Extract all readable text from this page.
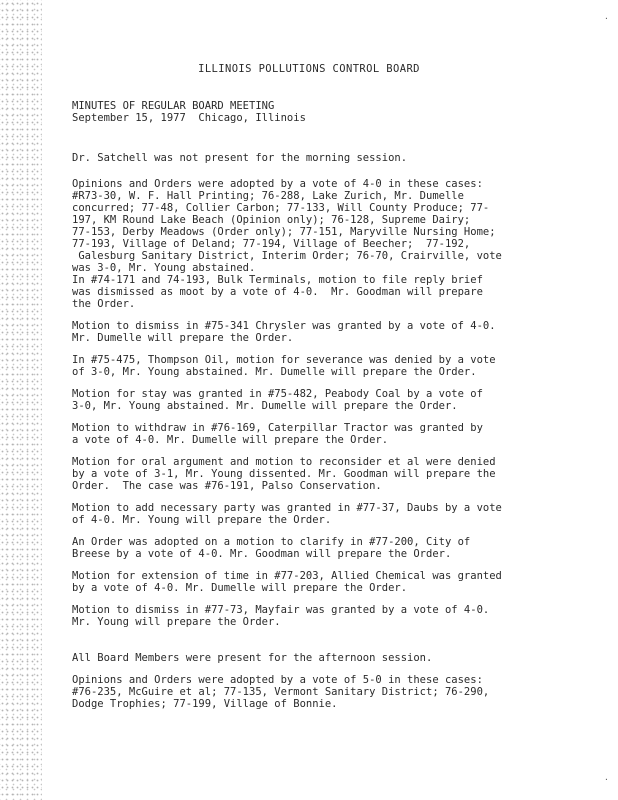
ILLINOIS POLLUTIONS CONTROL BOARD
MINUTES OF REGULAR BOARD MEETING
September 15, 1977  Chicago, Illinois
Dr. Satchell was not present for the morning session.
Opinions and Orders were adopted by a vote of 4-0 in these cases:
#R73-30, W. F. Hall Printing; 76-288, Lake Zurich, Mr. Dumelle
concurred; 77-48, Collier Carbon; 77-133, Will County Produce; 77-
197, KM Round Lake Beach (Opinion only); 76-128, Supreme Dairy;
77-153, Derby Meadows (Order only); 77-151, Maryville Nursing Home;
77-193, Village of Deland; 77-194, Village of Beecher;  77-192,
Galesburg Sanitary District, Interim Order; 76-70, Crairville, vote
was 3-0, Mr. Young abstained.
In #74-171 and 74-193, Bulk Terminals, motion to file reply brief
was dismissed as moot by a vote of 4-0.  Mr. Goodman will prepare
the Order.
Motion to dismiss in #75-341 Chrysler was granted by a vote of 4-0.
Mr. Dumelle will prepare the Order.
In #75-475, Thompson Oil, motion for severance was denied by a vote
of 3-0, Mr. Young abstained. Mr. Dumelle will prepare the Order.
Motion for stay was granted in #75-482, Peabody Coal by a vote of
3-0, Mr. Young abstained. Mr. Dumelle will prepare the Order.
Motion to withdraw in #76-169, Caterpillar Tractor was granted by
a vote of 4-0. Mr. Dumelle will prepare the Order.
Motion for oral argument and motion to reconsider et al were denied
by a vote of 3-1, Mr. Young dissented. Mr. Goodman will prepare the
Order.  The case was #76-191, Palso Conservation.
Motion to add necessary party was granted in #77-37, Daubs by a vote
of 4-0. Mr. Young will prepare the Order.
An Order was adopted on a motion to clarify in #77-200, City of
Breese by a vote of 4-0. Mr. Goodman will prepare the Order.
Motion for extension of time in #77-203, Allied Chemical was granted
by a vote of 4-0. Mr. Dumelle will prepare the Order.
Motion to dismiss in #77-73, Mayfair was granted by a vote of 4-0.
Mr. Young will prepare the Order.
All Board Members were present for the afternoon session.
Opinions and Orders were adopted by a vote of 5-0 in these cases:
#76-235, McGuire et al; 77-135, Vermont Sanitary District; 76-290,
Dodge Trophies; 77-199, Village of Bonnie.
·
·
